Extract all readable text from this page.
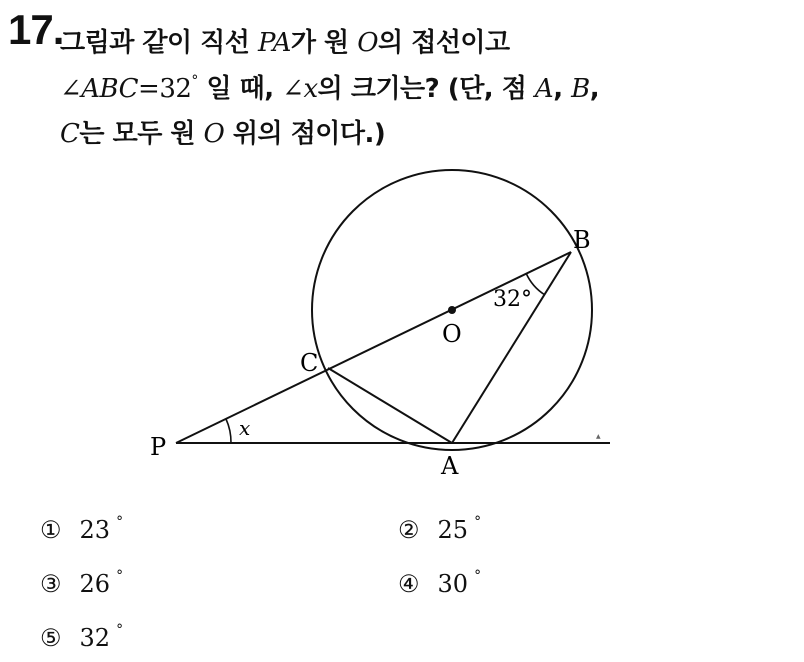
17.
그림과 같이 직선 PA가 원 O의 접선이고
∠ABC=32° 일 때, ∠x의 크기는? (단, 점 A, B,
C는 모두 원 O 위의 점이다.)
▲
P
A
B
C
O
x
32°
① 23 °	② 25 °
③ 26 °	④ 30 °
⑤ 32 °
